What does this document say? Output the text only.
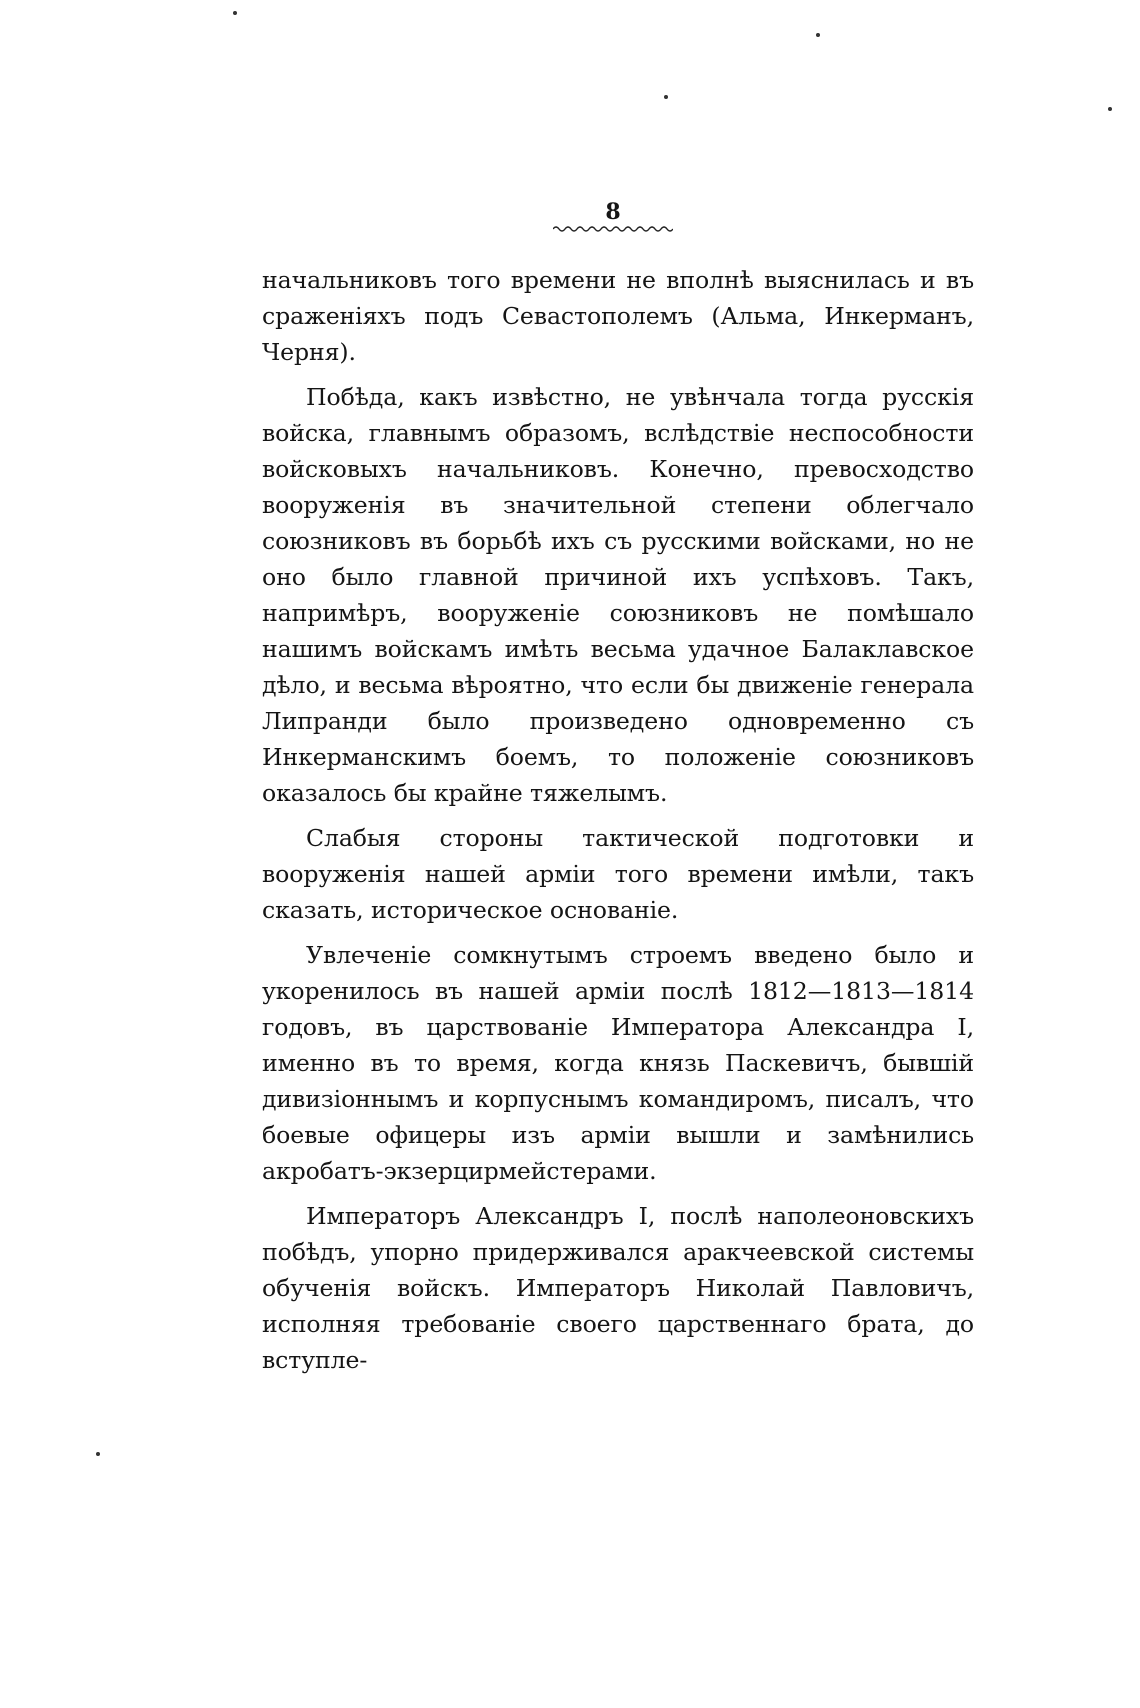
8

начальниковъ того времени не вполнѣ выяснилась и въ сраженiяхъ подъ Севастополемъ (Альма, Инкерманъ, Черня).

Побѣда, какъ извѣстно, не увѣнчала тогда русскiя войска, главнымъ образомъ, вслѣдствiе неспособности войсковыхъ начальниковъ. Конечно, превосходство вооруженiя въ значительной степени облегчало союзниковъ въ борьбѣ ихъ съ русскими войсками, но не оно было главной причиной ихъ успѣховъ. Такъ, напримѣръ, вооруженiе союзниковъ не помѣшало нашимъ войскамъ имѣть весьма удачное Балаклавское дѣло, и весьма вѣроятно, что если бы движенiе генерала Липранди было произведено одновременно съ Инкерманскимъ боемъ, то положенiе союзниковъ оказалось бы крайне тяжелымъ.

Слабыя стороны тактической подготовки и вооруженiя нашей армiи того времени имѣли, такъ сказать, историческое основанiе.

Увлеченiе сомкнутымъ строемъ введено было и укоренилось въ нашей армiи послѣ 1812—1813—1814 годовъ, въ царствованiе Императора Александра I, именно въ то время, когда князь Паскевичъ, бывшiй дивизiоннымъ и корпуснымъ командиромъ, писалъ, что боевые офицеры изъ армiи вышли и замѣнились акробатъ-экзерцирмейстерами.

Императоръ Александръ I, послѣ наполеоновскихъ побѣдъ, упорно придерживался аракчеевской системы обученiя войскъ. Императоръ Николай Павловичъ, исполняя требованiе своего царственнаго брата, до вступле-
